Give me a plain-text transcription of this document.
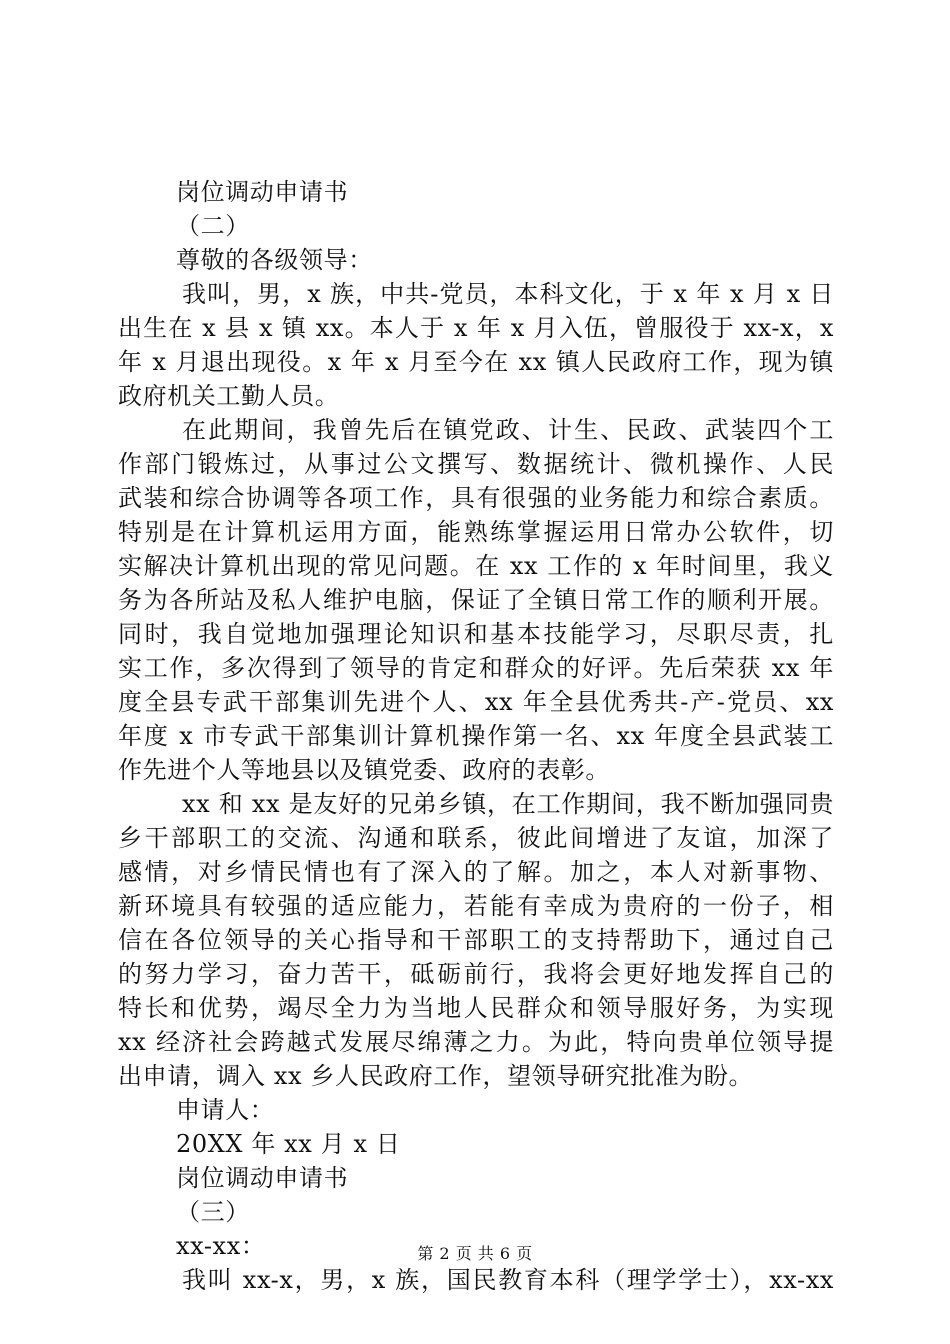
岗位调动申请书
（二）
尊敬的各级领导：
我叫，男，x 族，中共-党员，本科文化，于 x 年 x 月 x 日
出生在 x 县 x 镇 xx。本人于 x 年 x 月入伍，曾服役于 xx-x，x
年 x 月退出现役。x 年 x 月至今在 xx 镇人民政府工作，现为镇
政府机关工勤人员。
在此期间，我曾先后在镇党政、计生、民政、武装四个工
作部门锻炼过，从事过公文撰写、数据统计、微机操作、人民
武装和综合协调等各项工作，具有很强的业务能力和综合素质。
特别是在计算机运用方面，能熟练掌握运用日常办公软件，切
实解决计算机出现的常见问题。在 xx 工作的 x 年时间里，我义
务为各所站及私人维护电脑，保证了全镇日常工作的顺利开展。
同时，我自觉地加强理论知识和基本技能学习，尽职尽责，扎
实工作，多次得到了领导的肯定和群众的好评。先后荣获 xx 年
度全县专武干部集训先进个人、xx 年全县优秀共-产-党员、xx
年度 x 市专武干部集训计算机操作第一名、xx 年度全县武装工
作先进个人等地县以及镇党委、政府的表彰。
xx 和 xx 是友好的兄弟乡镇，在工作期间，我不断加强同贵
乡干部职工的交流、沟通和联系，彼此间增进了友谊，加深了
感情，对乡情民情也有了深入的了解。加之，本人对新事物、
新环境具有较强的适应能力，若能有幸成为贵府的一份子，相
信在各位领导的关心指导和干部职工的支持帮助下，通过自己
的努力学习，奋力苦干，砥砺前行，我将会更好地发挥自己的
特长和优势，竭尽全力为当地人民群众和领导服好务，为实现
xx 经济社会跨越式发展尽绵薄之力。为此，特向贵单位领导提
出申请，调入 xx 乡人民政府工作，望领导研究批准为盼。
申请人：
20XX 年 xx 月 x 日
岗位调动申请书
（三）
xx-xx：
我叫 xx-x，男，x 族，国民教育本科（理学学士），xx-xx
第 2 页 共 6 页
